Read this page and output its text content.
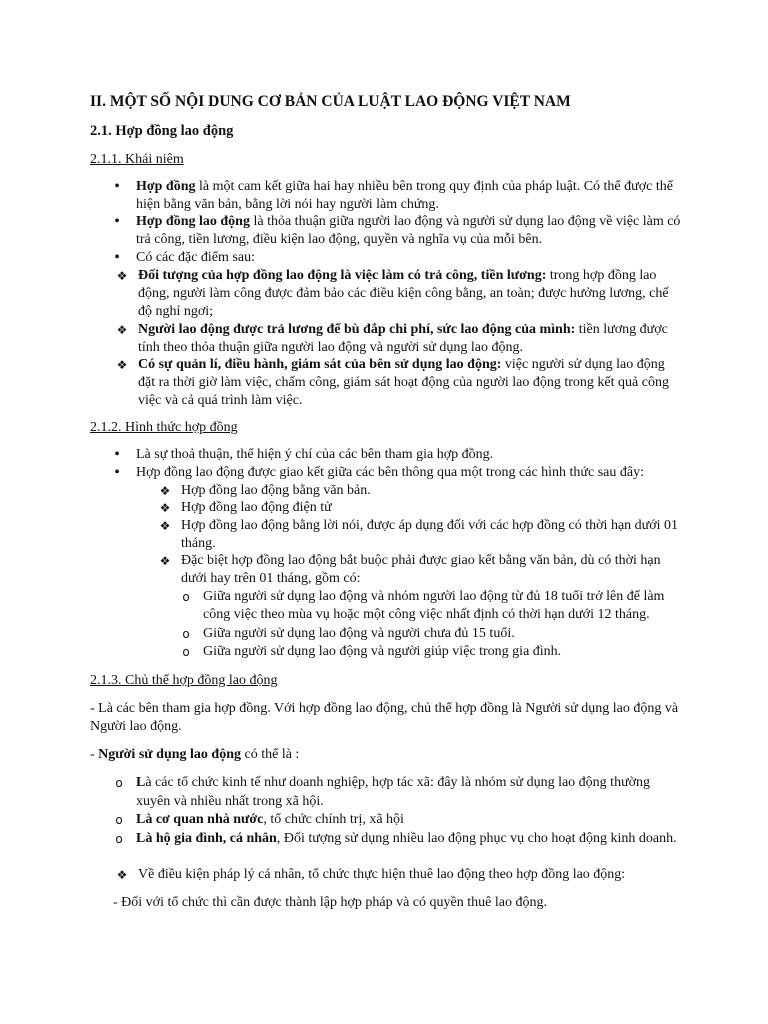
II. MỘT SỐ NỘI DUNG CƠ BẢN CỦA LUẬT LAO ĐỘNG VIỆT NAM
2.1. Hợp đồng lao động
2.1.1. Khái niêm
•	Hợp đồng là một cam kết giữa hai hay nhiều bên trong quy định của pháp luật. Có thể được thể
hiện bằng văn bản, bằng lời nói hay người làm chứng.
•	Hợp đồng lao động là thỏa thuận giữa người lao động và người sử dụng lao động về việc làm có
trả công, tiền lương, điều kiện lao động, quyền và nghĩa vụ của mỗi bên.
•	Có các đặc điểm sau:
❖ Đối tượng của hợp đồng lao động là việc làm có trả công, tiền lương: trong hợp đồng lao
động, người làm công được đảm bảo các điều kiện công bằng, an toàn; được hưởng lương, chế
độ nghỉ ngơi;
❖ Người lao động được trả lương để bù đắp chi phí, sức lao động của mình: tiền lương được
tính theo thỏa thuận giữa người lao động và người sử dụng lao động.
❖ Có sự quản lí, điều hành, giám sát của bên sử dụng lao động: việc người sử dụng lao động
đặt ra thời giờ làm việc, chấm công, giám sát hoạt động của người lao động trong kết quả công
việc và cả quá trình làm việc.
2.1.2. Hình thức hợp đồng
•	Là sự thoả thuận, thể hiện ý chí của các bên tham gia hợp đồng.
•	Hợp đồng lao động được giao kết giữa các bên thông qua một trong các hình thức sau đây:
❖ Hợp đồng lao động bằng văn bản.
❖ Hợp đồng lao động điện tử
❖ Hợp đồng lao động bằng lời nói, được áp dụng đối với các hợp đồng có thời hạn dưới 01
tháng.
❖ Đặc biệt hợp đồng lao động bắt buộc phải được giao kết bằng văn bản, dù có thời hạn
dưới hay trên 01 tháng, gồm có:
o Giữa người sử dụng lao động và nhóm người lao động từ đủ 18 tuổi trở lên để làm
công việc theo mùa vụ hoặc một công việc nhất định có thời hạn dưới 12 tháng.
o Giữa người sử dụng lao động và người chưa đủ 15 tuổi.
o Giữa người sử dụng lao động và người giúp việc trong gia đình.
2.1.3. Chủ thể hợp đồng lao động
- Là các bên tham gia hợp đồng. Với hợp đồng lao động, chủ thể hợp đồng là Người sử dụng lao động và
Người lao động.
- Người sử dụng lao động có thể là :
o Là các tổ chức kinh tế như doanh nghiệp, hợp tác xã: đây là nhóm sử dụng lao động thường
xuyên và nhiều nhất trong xã hội.
o Là cơ quan nhà nước, tổ chức chính trị, xã hội
o Là hộ gia đình, cá nhân, Đối tượng sử dụng nhiều lao động phục vụ cho hoạt động kinh doanh.
❖ Về điều kiện pháp lý cá nhân, tổ chức thực hiện thuê lao động theo hợp đồng lao động:
- Đối với tổ chức thì cần được thành lập hợp pháp và có quyền thuê lao động.
